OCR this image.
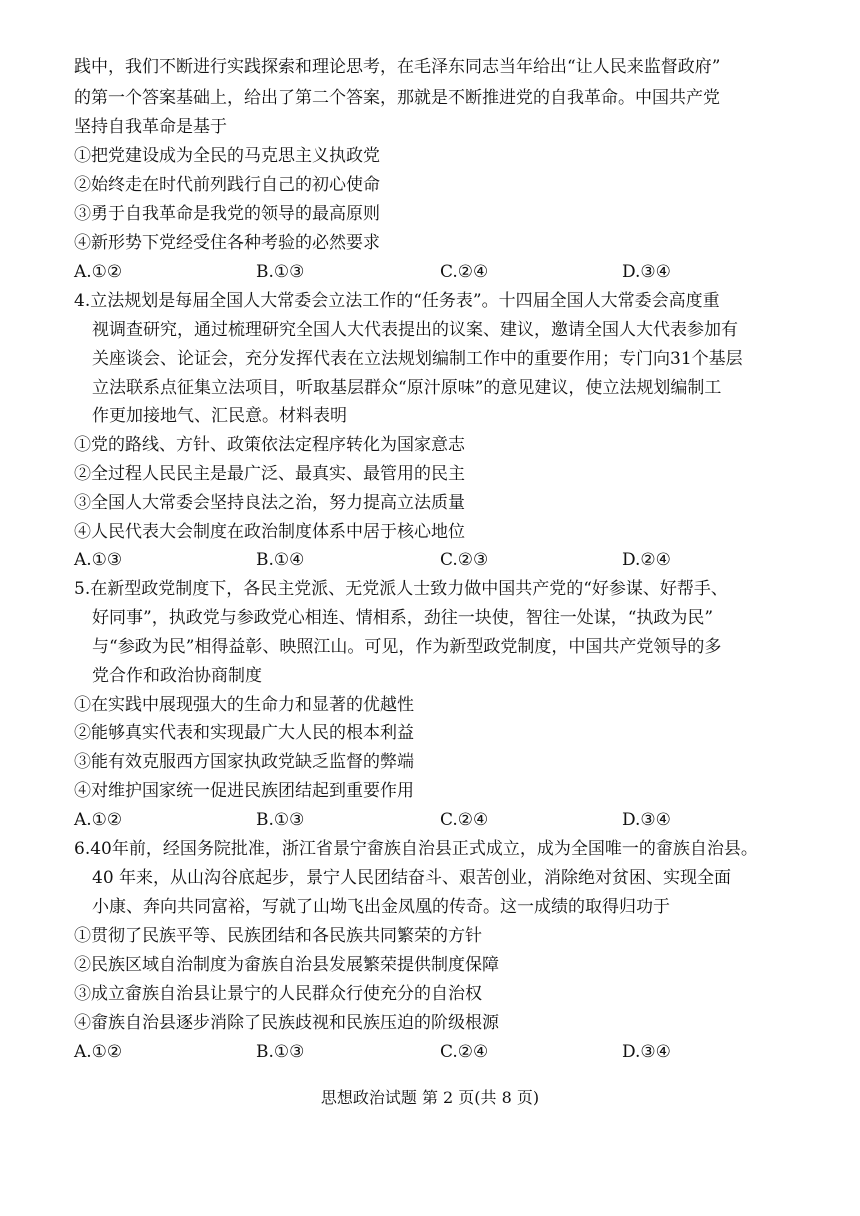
践中，我们不断进行实践探索和理论思考，在毛泽东同志当年给出“让人民来监督政府”
的第一个答案基础上，给出了第二个答案，那就是不断推进党的自我革命。中国共产党
坚持自我革命是基于
①把党建设成为全民的马克思主义执政党
②始终走在时代前列践行自己的初心使命
③勇于自我革命是我党的领导的最高原则
④新形势下党经受住各种考验的必然要求
A.①②	B.①③	C.②④	D.③④
4.立法规划是每届全国人大常委会立法工作的“任务表”。十四届全国人大常委会高度重
视调查研究，通过梳理研究全国人大代表提出的议案、建议，邀请全国人大代表参加有
关座谈会、论证会，充分发挥代表在立法规划编制工作中的重要作用；专门向31个基层
立法联系点征集立法项目，听取基层群众“原汁原味”的意见建议，使立法规划编制工
作更加接地气、汇民意。材料表明
①党的路线、方针、政策依法定程序转化为国家意志
②全过程人民民主是最广泛、最真实、最管用的民主
③全国人大常委会坚持良法之治，努力提高立法质量
④人民代表大会制度在政治制度体系中居于核心地位
A.①③	B.①④	C.②③	D.②④
5.在新型政党制度下，各民主党派、无党派人士致力做中国共产党的“好参谋、好帮手、
好同事”，执政党与参政党心相连、情相系，劲往一块使，智往一处谋，“执政为民”
与“参政为民”相得益彰、映照江山。可见，作为新型政党制度，中国共产党领导的多
党合作和政治协商制度
①在实践中展现强大的生命力和显著的优越性
②能够真实代表和实现最广大人民的根本利益
③能有效克服西方国家执政党缺乏监督的弊端
④对维护国家统一促进民族团结起到重要作用
A.①②	B.①③	C.②④	D.③④
6.40年前，经国务院批准，浙江省景宁畲族自治县正式成立，成为全国唯一的畲族自治县。
40 年来，从山沟谷底起步，景宁人民团结奋斗、艰苦创业，消除绝对贫困、实现全面
小康、奔向共同富裕，写就了山坳飞出金凤凰的传奇。这一成绩的取得归功于
①贯彻了民族平等、民族团结和各民族共同繁荣的方针
②民族区域自治制度为畲族自治县发展繁荣提供制度保障
③成立畲族自治县让景宁的人民群众行使充分的自治权
④畲族自治县逐步消除了民族歧视和民族压迫的阶级根源
A.①②	B.①③	C.②④	D.③④
思想政治试题 第 2 页(共 8 页)
